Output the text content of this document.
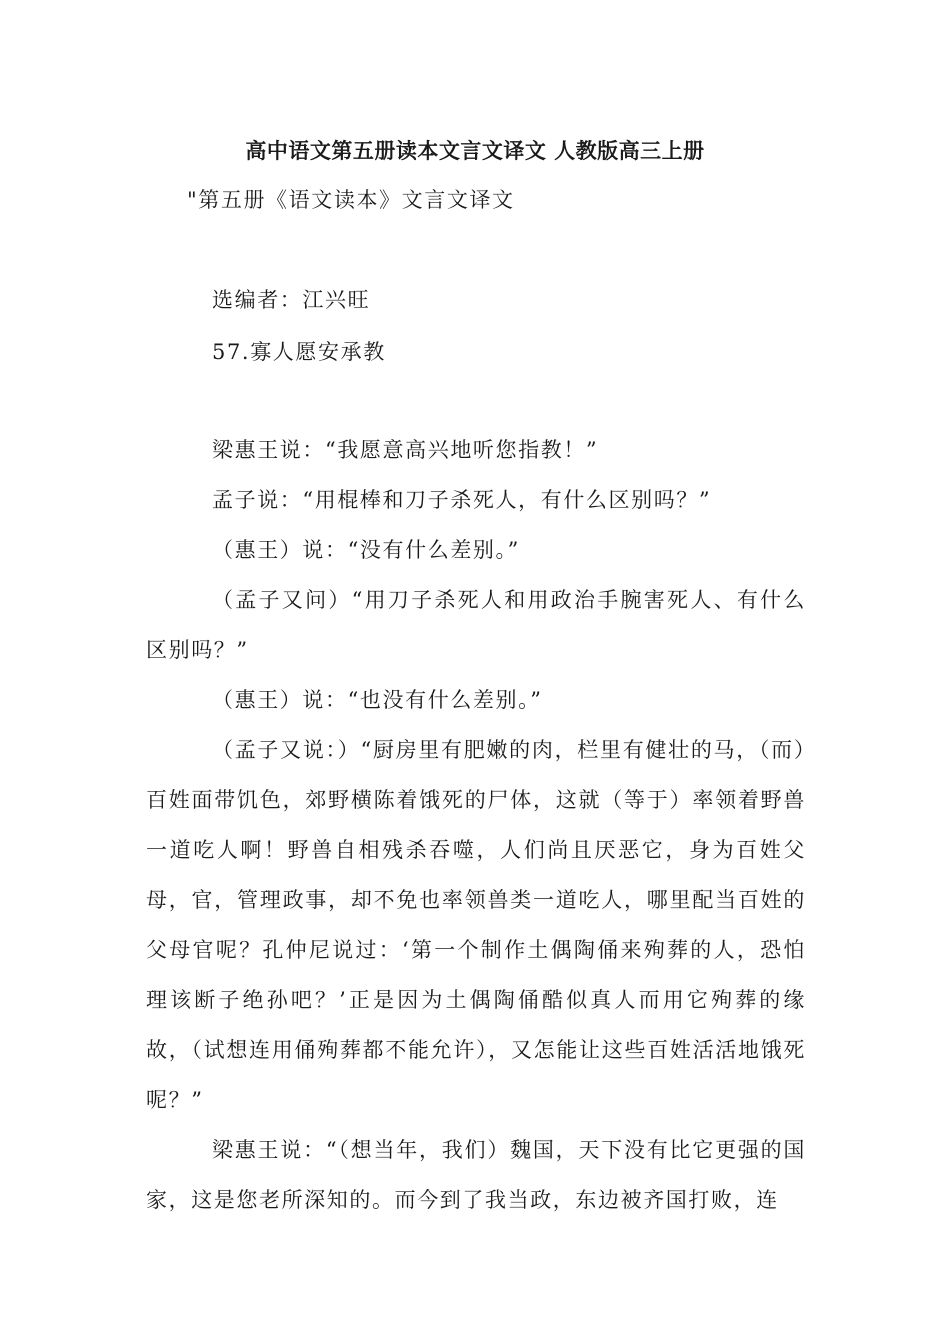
高中语文第五册读本文言文译文 人教版高三上册
"第五册《语文读本》文言文译文
选编者：江兴旺
57.寡人愿安承教

梁惠王说：“我愿意高兴地听您指教！”

孟子说：“用棍棒和刀子杀死人，有什么区别吗？”

（惠王）说：“没有什么差别。”

（孟子又问）“用刀子杀死人和用政治手腕害死人、有什么区别吗？”

（惠王）说：“也没有什么差别。”

（孟子又说：）“厨房里有肥嫩的肉，栏里有健壮的马，（而）百姓面带饥色，郊野横陈着饿死的尸体，这就（等于）率领着野兽一道吃人啊！野兽自相残杀吞噬，人们尚且厌恶它，身为百姓父母，官，管理政事，却不免也率领兽类一道吃人，哪里配当百姓的父母官呢？孔仲尼说过：‘第一个制作土偶陶俑来殉葬的人，恐怕理该断子绝孙吧？’正是因为土偶陶俑酷似真人而用它殉葬的缘故，（试想连用俑殉葬都不能允许），又怎能让这些百姓活活地饿死呢？”

梁惠王说：“（想当年，我们）魏国，天下没有比它更强的国家，这是您老所深知的。而今到了我当政，东边被齐国打败，连
